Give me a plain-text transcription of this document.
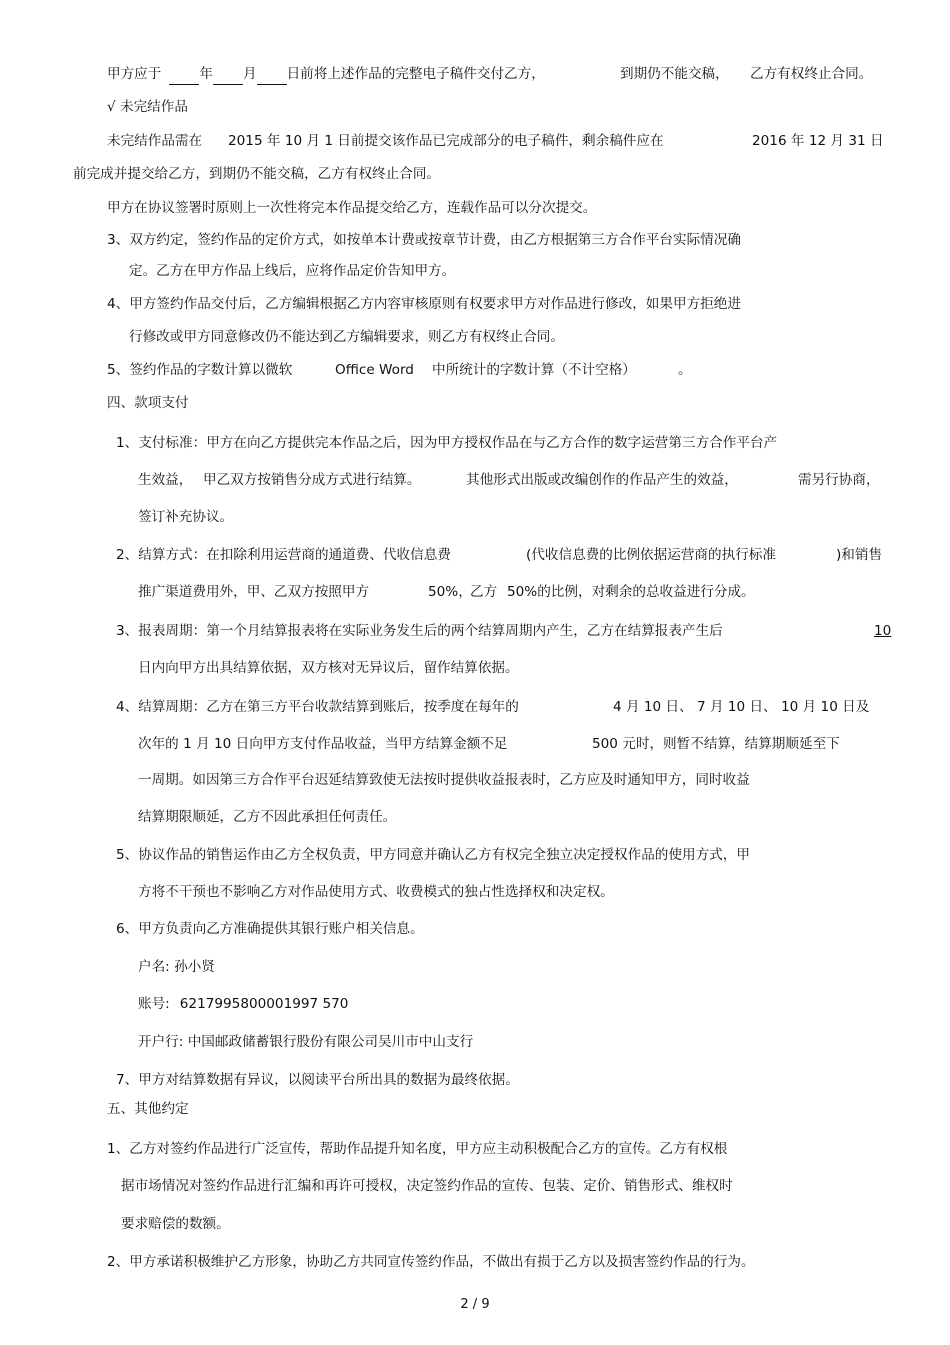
甲方应于	年 月 日前将上述作品的完整电子稿件交付乙方，	到期仍不能交稿， 乙方有权终止合同。
√ 未完结作品
未完结作品需在 2015 年 10 月 1 日前提交该作品已完成部分的电子稿件，剩余稿件应在	2016 年 12 月 31 日
前完成并提交给乙方，到期仍不能交稿，乙方有权终止合同。
甲方在协议签署时原则上一次性将完本作品提交给乙方，连载作品可以分次提交。
3、双方约定，签约作品的定价方式，如按单本计费或按章节计费，由乙方根据第三方合作平台实际情况确
定。乙方在甲方作品上线后，应将作品定价告知甲方。
4、甲方签约作品交付后，乙方编辑根据乙方内容审核原则有权要求甲方对作品进行修改，如果甲方拒绝进
行修改或甲方同意修改仍不能达到乙方编辑要求，则乙方有权终止合同。
5、签约作品的字数计算以微软	Office Word 中所统计的字数计算（不计空格）	。
四、款项支付
1、支付标准：甲方在向乙方提供完本作品之后，因为甲方授权作品在与乙方合作的数字运营第三方合作平台产
生效益， 甲乙双方按销售分成方式进行结算。	其他形式出版或改编创作的作品产生的效益，	需另行协商，
签订补充协议。
2、结算方式：在扣除利用运营商的通道费、代收信息费	(代收信息费的比例依据运营商的执行标准	)和销售
推广渠道费用外，甲、乙双方按照甲方	50%，
乙方 50%的比例，对剩余的总收益进行分成。
3、报表周期：第一个月结算报表将在实际业务发生后的两个结算周期内产生，乙方在结算报表产生后	10
日内向甲方出具结算依据，双方核对无异议后，留作结算依据。
4、结算周期：乙方在第三方平台收款结算到账后，按季度在每年的	4 月 10 日、 7 月 10 日、 10 月 10 日及
次年的 1 月 10 日向甲方支付作品收益，当甲方结算金额不足	500 元时，则暂不结算，结算期顺延至下
一周期。如因第三方合作平台迟延结算致使无法按时提供收益报表时，乙方应及时通知甲方，同时收益
结算期限顺延，乙方不因此承担任何责任。
5、协议作品的销售运作由乙方全权负责，甲方同意并确认乙方有权完全独立决定授权作品的使用方式，甲
方将不干预也不影响乙方对作品使用方式、收费模式的独占性选择权和决定权。
6、甲方负责向乙方准确提供其银行账户相关信息。
户名: 孙小贤
账号: 6217995800001997 570
开户行: 中国邮政储蓄银行股份有限公司吴川市中山支行
7、甲方对结算数据有异议，以阅读平台所出具的数据为最终依据。
五、其他约定
1、乙方对签约作品进行广泛宣传，帮助作品提升知名度，甲方应主动积极配合乙方的宣传。乙方有权根
据市场情况对签约作品进行汇编和再许可授权，决定签约作品的宣传、包装、定价、销售形式、维权时
要求赔偿的数额。
2、甲方承诺积极维护乙方形象，协助乙方共同宣传签约作品，不做出有损于乙方以及损害签约作品的行为。
2 / 9
